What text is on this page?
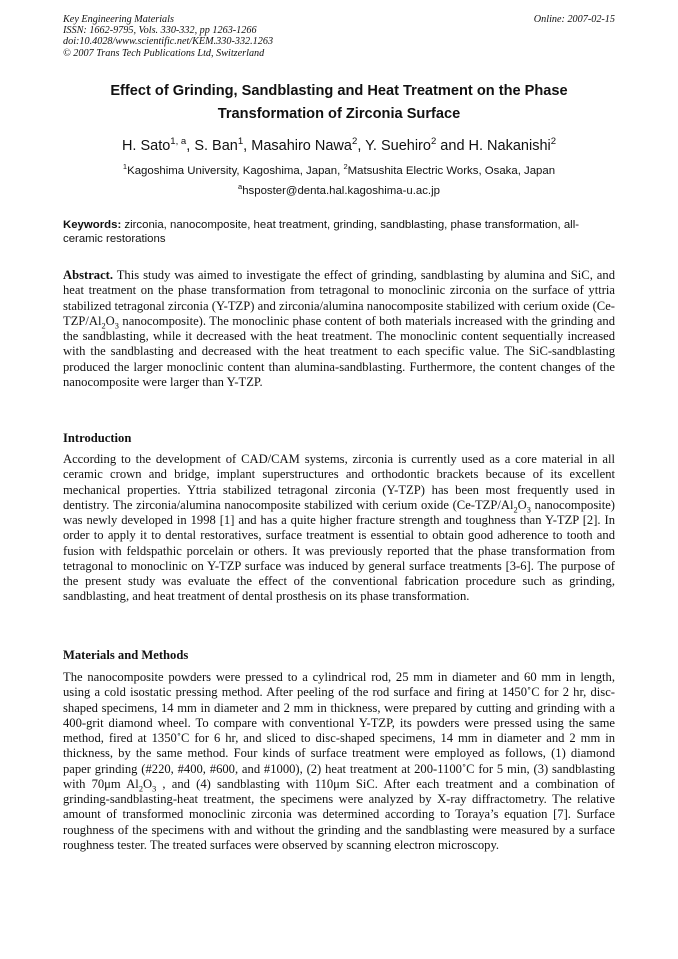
Key Engineering Materials
ISSN: 1662-9795, Vols. 330-332, pp 1263-1266
doi:10.4028/www.scientific.net/KEM.330-332.1263
© 2007 Trans Tech Publications Ltd, Switzerland
Online: 2007-02-15
Effect of Grinding, Sandblasting and Heat Treatment on the Phase
Transformation of Zirconia Surface
H. Sato$^{1, a}$, S. Ban$^1$, Masahiro Nawa$^2$, Y. Suehiro$^2$ and H. Nakanishi$^2$
$^1$Kagoshima University, Kagoshima, Japan, $^2$Matsushita Electric Works, Osaka, Japan
$^a$hsposter@denta.hal.kagoshima-u.ac.jp
Keywords: zirconia, nanocomposite, heat treatment, grinding, sandblasting, phase transformation, all-ceramic restorations
Abstract. This study was aimed to investigate the effect of grinding, sandblasting by alumina and SiC, and heat treatment on the phase transformation from tetragonal to monoclinic zirconia on the surface of yttria stabilized tetragonal zirconia (Y-TZP) and zirconia/alumina nanocomposite stabilized with cerium oxide ($Ce-TZP/Al_2O_3$ nanocomposite). The monoclinic phase content of both materials increased with the grinding and the sandblasting, while it decreased with the heat treatment. The monoclinic content sequentially increased with the sandblasting and decreased with the heat treatment to each specific value. The SiC-sandblasting produced the larger monoclinic content than alumina-sandblasting. Furthermore, the content changes of the nanocomposite were larger than Y-TZP.
Introduction
According to the development of CAD/CAM systems, zirconia is currently used as a core material in all ceramic crown and bridge, implant superstructures and orthodontic brackets because of its excellent mechanical properties. Yttria stabilized tetragonal zirconia (Y-TZP) has been most frequently used in dentistry. The zirconia/alumina nanocomposite stabilized with cerium oxide ($Ce-TZP/Al_2O_3$ nanocomposite) was newly developed in 1998 [1] and has a quite higher fracture strength and toughness than Y-TZP [2]. In order to apply it to dental restoratives, surface treatment is essential to obtain good adherence to tooth and fusion with feldspathic porcelain or others. It was previously reported that the phase transformation from tetragonal to monoclinic on Y-TZP surface was induced by general surface treatments [3-6]. The purpose of the present study was evaluate the effect of the conventional fabrication procedure such as grinding, sandblasting, and heat treatment of dental prosthesis on its phase transformation.
Materials and Methods
The nanocomposite powders were pressed to a cylindrical rod, 25 mm in diameter and 60 mm in length, using a cold isostatic pressing method. After peeling of the rod surface and firing at 1450˚C for 2 hr, disc-shaped specimens, 14 mm in diameter and 2 mm in thickness, were prepared by cutting and grinding with a 400-grit diamond wheel. To compare with conventional Y-TZP, its powders were pressed using the same method, fired at 1350˚C for 6 hr, and sliced to disc-shaped specimens, 14 mm in diameter and 2 mm in thickness, by the same method. Four kinds of surface treatment were employed as follows, (1) diamond paper grinding (#220, #400, #600, and #1000), (2) heat treatment at 200-1100˚C for 5 min, (3) sandblasting with 70μm $Al_2O_3$ , and (4) sandblasting with 110μm SiC. After each treatment and a combination of grinding-sandblasting-heat treatment, the specimens were analyzed by X-ray diffractometry. The relative amount of transformed monoclinic zirconia was determined according to Toraya’s equation [7]. Surface roughness of the specimens with and without the grinding and the sandblasting were measured by a surface roughness tester. The treated surfaces were observed by scanning electron microscopy.
